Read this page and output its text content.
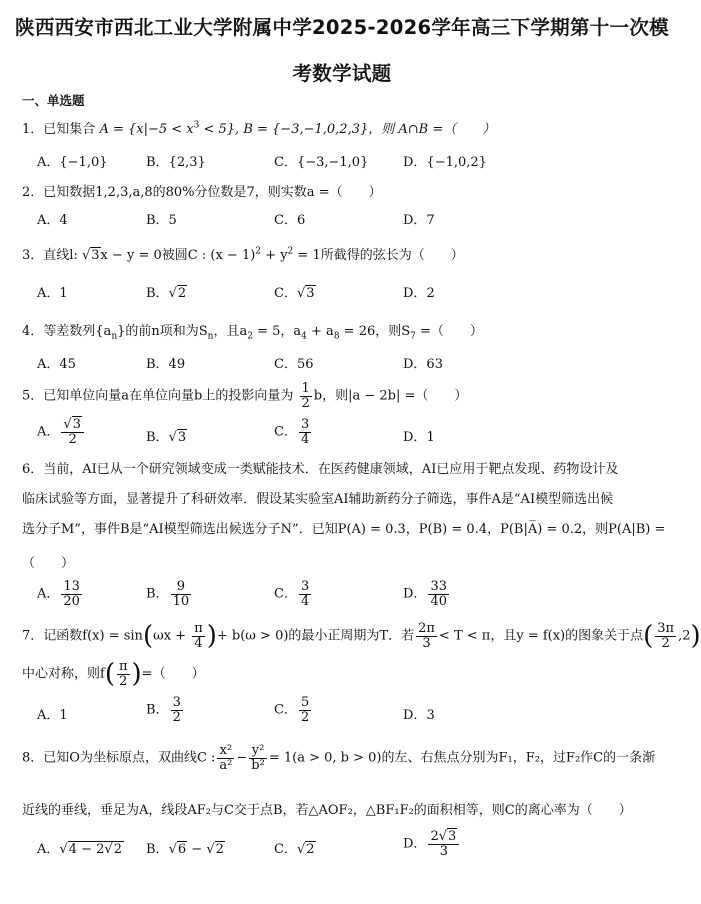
陕西西安市西北工业大学附属中学2025-2026学年高三下学期第十一次模
考数学试题
一、单选题
1．已知集合 $A = \{x|-5 < x^3 < 5\}$, B = {−3,−1,0,2,3}，则 A∩B =（　　）
A．{−1,0}	B．{2,3}	C．{−3,−1,0}	D．{−1,0,2}
2．已知数据1,2,3,a,8的80%分位数是7，则实数a =（　　）
A．4	B．5	C．6	D．7
3．直线l: √3x − y = 0被圆C : $(x - 1)^2 + y^2 = 1$所截得的弦长为（　　）
A．1	B．√2	C．√3	D．2
4．等差数列$\{a_n\}$的前n项和为$S_n$，且$a_2 = 5$，$a_4 + a_8 = 26$，则$S_7$ =（　　）
A．45	B．49	C．56	D．63
5．已知单位向量a在单位向量b上的投影向量为 $\frac{1}{2}$ b，则|a − 2b| =（　　）
A． $\frac{√3}{2}$	B．√3	C． $\frac{3}{4}$	D．1
6．当前，AI已从一个研究领域变成一类赋能技术．在医药健康领域，AI已应用于靶点发现、药物设计及
临床试验等方面，显著提升了科研效率．假设某实验室AI辅助新药分子筛选，事件A是“AI模型筛选出候
选分子M”，事件B是“AI模型筛选出候选分子N”．已知P(A) = 0.3，P(B) = 0.4，P(B|A̅) = 0.2，则P(A|B) =
（　　）
A． $\frac{13}{20}$	B． $\frac{9}{10}$	C． $\frac{3}{4}$	D． $\frac{33}{40}$
7．记函数$f(x) = \sin(\omega x + \frac{\pi}{4}$ )+ b(ω > 0)的最小正周期为T．若 $\frac{2\pi}{3} < T < \pi$，且y = f(x)的图象关于点( $\frac{3\pi}{2} ,2$)
中心对称，则$f( \frac{\pi}{2}$ )=（　　）
A．1	B． $\frac{3}{2}$	C． $\frac{5}{2}$	D．3
8．已知O为坐标原点，双曲线C : $\frac{\text{x²}}{\text{a²}} - \frac{\text{y²}}{\text{b²}} = 1(a > 0$, b > 0)的左、右焦点分别为F₁，F₂，过F₂作C的一条渐
近线的垂线，垂足为A，线段AF₂与C交于点B，若△AOF₂，△BF₁F₂的面积相等，则C的离心率为（　　）
A．√4 − 2√2 B．√6 − √2	C．√2	D． $\frac{2√3}{3}$
